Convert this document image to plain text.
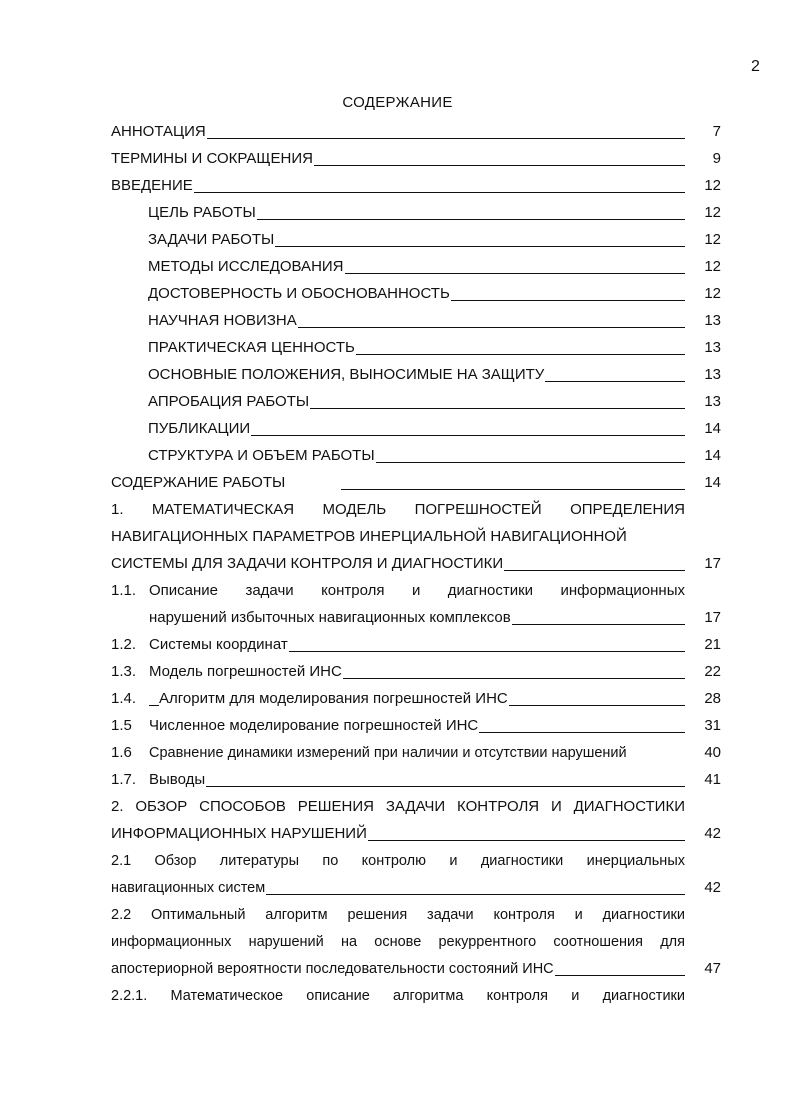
2
СОДЕРЖАНИЕ
АННОТАЦИЯ	7
ТЕРМИНЫ И СОКРАЩЕНИЯ	9
ВВЕДЕНИЕ	12
ЦЕЛЬ РАБОТЫ	12
ЗАДАЧИ РАБОТЫ	12
МЕТОДЫ ИССЛЕДОВАНИЯ	12
ДОСТОВЕРНОСТЬ И ОБОСНОВАННОСТЬ	12
НАУЧНАЯ НОВИЗНА	13
ПРАКТИЧЕСКАЯ ЦЕННОСТЬ	13
ОСНОВНЫЕ ПОЛОЖЕНИЯ, ВЫНОСИМЫЕ НА ЗАЩИТУ	13
АПРОБАЦИЯ РАБОТЫ	13
ПУБЛИКАЦИИ	14
СТРУКТУРА И ОБЪЕМ РАБОТЫ	14
СОДЕРЖАНИЕ РАБОТЫ	14
1. МАТЕМАТИЧЕСКАЯ МОДЕЛЬ ПОГРЕШНОСТЕЙ ОПРЕДЕЛЕНИЯ
НАВИГАЦИОННЫХ ПАРАМЕТРОВ ИНЕРЦИАЛЬНОЙ НАВИГАЦИОННОЙ
СИСТЕМЫ ДЛЯ ЗАДАЧИ КОНТРОЛЯ И ДИАГНОСТИКИ	17
1.1. Описание задачи контроля и диагностики информационных
нарушений избыточных навигационных комплексов	17
1.2. Системы координат	21
1.3. Модель погрешностей ИНС	22
1.4. Алгоритм для моделирования погрешностей ИНС	28
1.5 Численное моделирование погрешностей ИНС	31
1.6 Сравнение динамики измерений при наличии и отсутствии нарушений	40
1.7. Выводы	41
2. ОБЗОР СПОСОБОВ РЕШЕНИЯ ЗАДАЧИ КОНТРОЛЯ И ДИАГНОСТИКИ
ИНФОРМАЦИОННЫХ НАРУШЕНИЙ	42
2.1 Обзор литературы по контролю и диагностики инерциальных
навигационных систем	42
2.2 Оптимальный алгоритм решения задачи контроля и диагностики
информационных нарушений на основе рекуррентного соотношения для
апостериорной вероятности последовательности состояний ИНС	47
2.2.1. Математическое описание алгоритма контроля и диагностики
